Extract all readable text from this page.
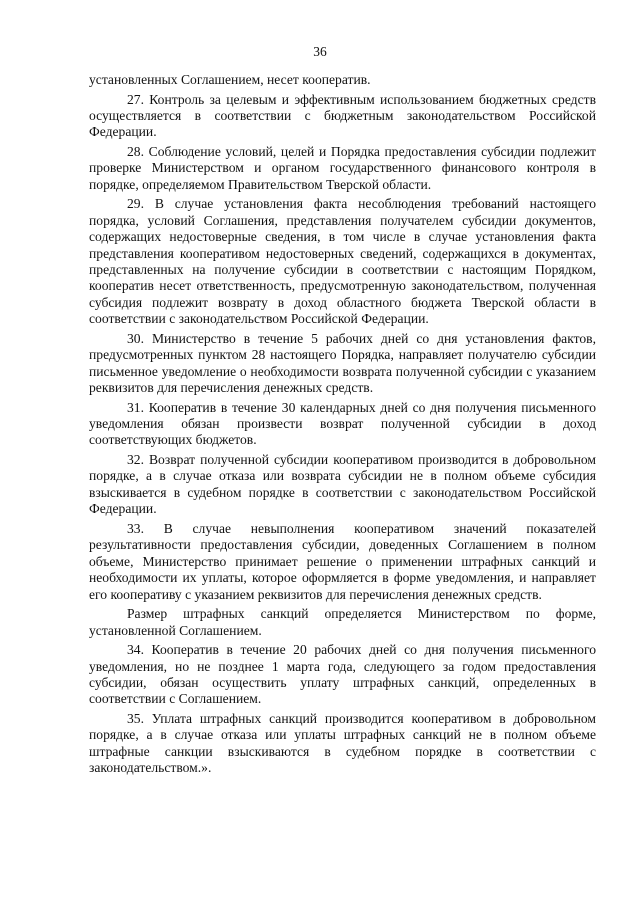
36

установленных Соглашением, несет кооператив.

27. Контроль за целевым и эффективным использованием бюджетных средств осуществляется в соответствии с бюджетным законодательством Российской Федерации.

28. Соблюдение условий, целей и Порядка предоставления субсидии подлежит проверке Министерством и органом государственного финансового контроля в порядке, определяемом Правительством Тверской области.

29. В случае установления факта несоблюдения требований настоящего порядка, условий Соглашения, представления получателем субсидии документов, содержащих недостоверные сведения, в том числе в случае установления факта представления кооперативом недостоверных сведений, содержащихся в документах, представленных на получение субсидии в соответствии с настоящим Порядком, кооператив несет ответственность, предусмотренную законодательством, полученная субсидия подлежит возврату в доход областного бюджета Тверской области в соответствии с законодательством Российской Федерации.

30. Министерство в течение 5 рабочих дней со дня установления фактов, предусмотренных пунктом 28 настоящего Порядка, направляет получателю субсидии письменное уведомление о необходимости возврата полученной субсидии с указанием реквизитов для перечисления денежных средств.

31. Кооператив в течение 30 календарных дней со дня получения письменного уведомления обязан произвести возврат полученной субсидии в доход соответствующих бюджетов.

32. Возврат полученной субсидии кооперативом производится в добровольном порядке, а в случае отказа или возврата субсидии не в полном объеме субсидия взыскивается в судебном порядке в соответствии с законодательством Российской Федерации.

33. В случае невыполнения кооперативом значений показателей результативности предоставления субсидии, доведенных Соглашением в полном объеме, Министерство принимает решение о применении штрафных санкций и необходимости их уплаты, которое оформляется в форме уведомления, и направляет его кооперативу с указанием реквизитов для перечисления денежных средств.

Размер штрафных санкций определяется Министерством по форме, установленной Соглашением.

34. Кооператив в течение 20 рабочих дней со дня получения письменного уведомления, но не позднее 1 марта года, следующего за годом предоставления субсидии, обязан осуществить уплату штрафных санкций, определенных в соответствии с Соглашением.

35. Уплата штрафных санкций производится кооперативом в добровольном порядке, а в случае отказа или уплаты штрафных санкций не в полном объеме штрафные санкции взыскиваются в судебном порядке в соответствии с законодательством.».
